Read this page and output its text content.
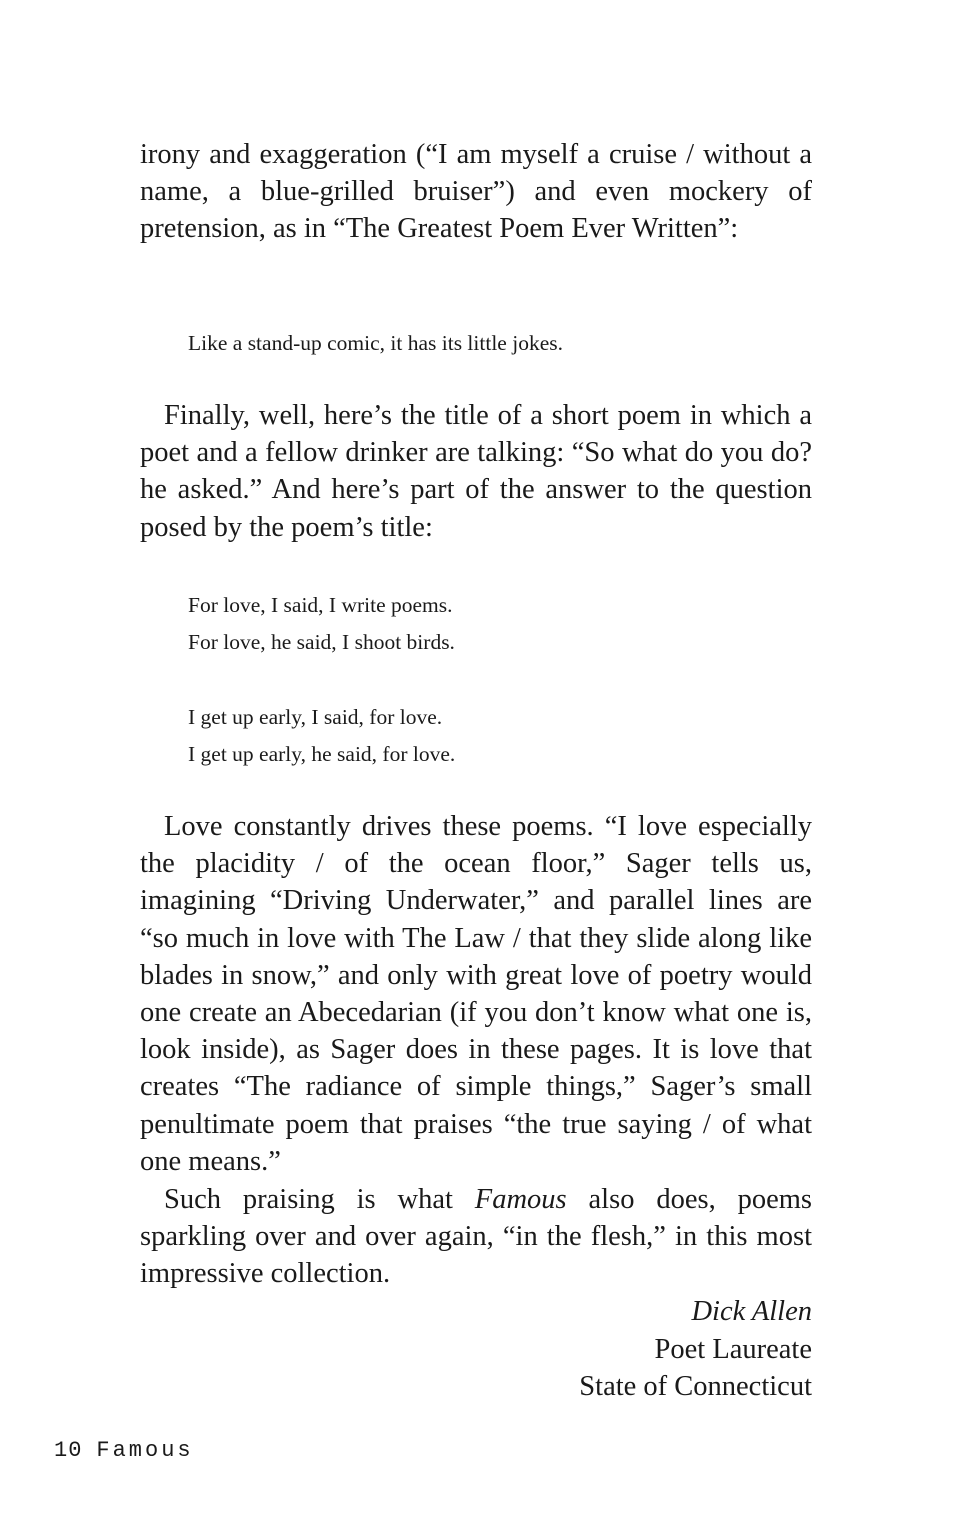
irony and exaggeration (“I am myself a cruise / without a name, a blue-grilled bruiser”) and even mockery of pretension, as in “The Greatest Poem Ever Written”:

Like a stand-up comic, it has its little jokes.

Finally, well, here’s the title of a short poem in which a poet and a fellow drinker are talking: “So what do you do? he asked.” And here’s part of the answer to the question posed by the poem’s title:

For love, I said, I write poems.
For love, he said, I shoot birds.
I get up early, I said, for love.
I get up early, he said, for love.

Love constantly drives these poems. “I love especially the placidity / of the ocean floor,” Sager tells us, imagining “Driving Underwater,” and parallel lines are “so much in love with The Law / that they slide along like blades in snow,” and only with great love of poetry would one create an Abecedarian (if you don’t know what one is, look inside), as Sager does in these pages. It is love that creates “The radiance of simple things,” Sager’s small penultimate poem that praises “the true saying / of what one means.”

Such praising is what Famous also does, poems sparkling over and over again, “in the flesh,” in this most impressive collection.

Dick Allen
Poet Laureate
State of Connecticut
10 Famous
